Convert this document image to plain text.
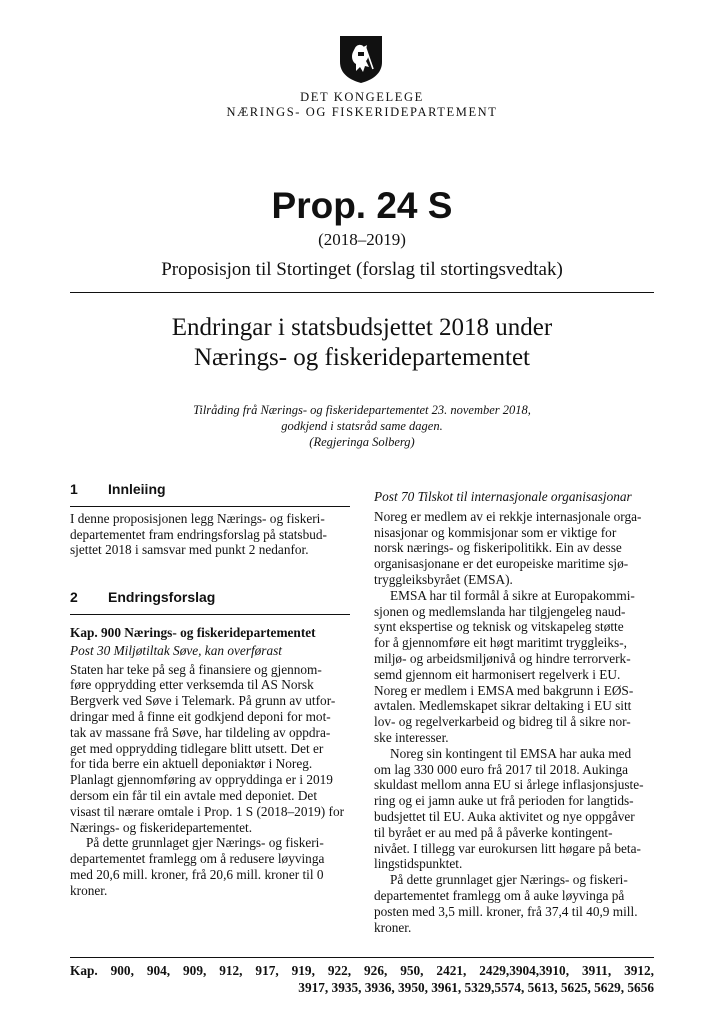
DET KONGELEGE
NÆRINGS- OG FISKERIDEPARTEMENT
Prop. 24 S
(2018–2019)
Proposisjon til Stortinget (forslag til stortingsvedtak)
Endringar i statsbudsjettet 2018 under
Nærings- og fiskeridepartementet
Tilråding frå Nærings- og fiskeridepartementet 23. november 2018,
godkjend i statsråd same dagen.
(Regjeringa Solberg)
1 Innleiing

I denne proposisjonen legg Nærings- og fiskeri-
departementet fram endringsforslag på statsbud-
sjettet 2018 i samsvar med punkt 2 nedanfor.

2 Endringsforslag
Kap. 900 Nærings- og fiskeridepartementet
Post 30 Miljøtiltak Søve, kan overførast

Staten har teke på seg å finansiere og gjennom-
føre opprydding etter verksemda til AS Norsk
Bergverk ved Søve i Telemark. På grunn av utfor-
dringar med å finne eit godkjend deponi for mot-
tak av massane frå Søve, har tildeling av oppdra-
get med opprydding tidlegare blitt utsett. Det er
for tida berre ein aktuell deponiaktør i Noreg.
Planlagt gjennomføring av oppryddinga er i 2019
dersom ein får til ein avtale med deponiet. Det
visast til nærare omtale i Prop. 1 S (2018–2019) for
Nærings- og fiskeridepartementet.

På dette grunnlaget gjer Nærings- og fiskeri-
departementet framlegg om å redusere løyvinga
med 20,6 mill. kroner, frå 20,6 mill. kroner til 0
kroner.

Post 70 Tilskot til internasjonale organisasjonar

Noreg er medlem av ei rekkje internasjonale orga-
nisasjonar og kommisjonar som er viktige for
norsk nærings- og fiskeripolitikk. Ein av desse
organisasjonane er det europeiske maritime sjø-
tryggleiksbyrået (EMSA).

EMSA har til formål å sikre at Europakommi-
sjonen og medlemslanda har tilgjengeleg naud-
synt ekspertise og teknisk og vitskapeleg støtte
for å gjennomføre eit høgt maritimt tryggleiks-,
miljø- og arbeidsmiljønivå og hindre terrorverk-
semd gjennom eit harmonisert regelverk i EU.
Noreg er medlem i EMSA med bakgrunn i EØS-
avtalen. Medlemskapet sikrar deltaking i EU sitt
lov- og regelverkarbeid og bidreg til å sikre nor-
ske interesser.

Noreg sin kontingent til EMSA har auka med
om lag 330 000 euro frå 2017 til 2018. Aukinga
skuldast mellom anna EU si årlege inflasjonsjuste-
ring og ei jamn auke ut frå perioden for langtids-
budsjettet til EU. Auka aktivitet og nye oppgåver
til byrået er au med på å påverke kontingent-
nivået. I tillegg var eurokursen litt høgare på beta-
lingstidspunktet.

På dette grunnlaget gjer Nærings- og fiskeri-
departementet framlegg om å auke løyvinga på
posten med 3,5 mill. kroner, frå 37,4 til 40,9 mill.
kroner.

Kap. 900, 904, 909, 912, 917, 919, 922, 926, 950, 2421, 2429,3904,3910, 3911, 3912,
3917, 3935, 3936, 3950, 3961, 5329,5574, 5613, 5625, 5629, 5656
